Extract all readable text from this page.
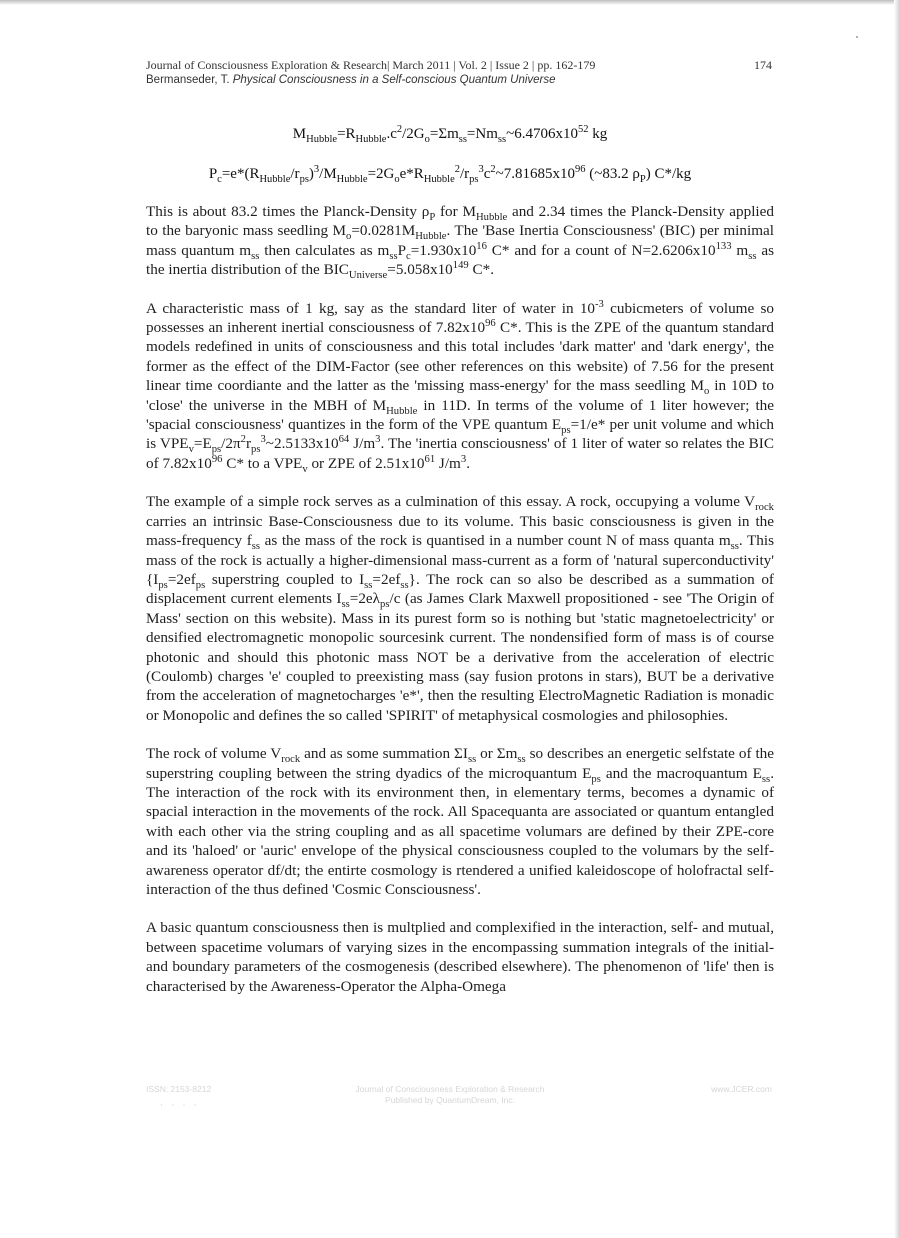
Journal of Consciousness Exploration & Research| March 2011 | Vol. 2 | Issue 2 | pp. 162-179
Bermanseder, T. Physical Consciousness in a Self-conscious Quantum Universe
174
$M_{Hubble}=R_{Hubble}.c^2/2G_o=\Sigma m_{ss}=Nm_{ss}\sim 6.4706x10^{52}$ kg
$P_c=e*(R_{Hubble}/r_{ps})^3/M_{Hubble}=2G_oe*R_{Hubble}^2/r_{ps}^3c^2\sim 7.81685x10^{96}$ (~83.2 $\rho_P$) C*/kg

This is about 83.2 times the Planck-Density $\rho_P$ for $M_{Hubble}$ and 2.34 times the Planck-Density applied to the baryonic mass seedling $M_o=0.0281M_{Hubble}$. The 'Base Inertia Consciousness' (BIC) per minimal mass quantum $m_{ss}$ then calculates as $m_{ss}P_c=1.930x10^{16}$ C* and for a count of $N=2.6206x10^{133}$ $m_{ss}$ as the inertia distribution of the $BIC_{Universe}=5.058x10^{149}$ C*.

A characteristic mass of 1 kg, say as the standard liter of water in $10^{-3}$ cubicmeters of volume so possesses an inherent inertial consciousness of $7.82x10^{96}$ C*. This is the ZPE of the quantum standard models redefined in units of consciousness and this total includes 'dark matter' and 'dark energy', the former as the effect of the DIM-Factor (see other references on this website) of 7.56 for the present linear time coordiante and the latter as the 'missing mass-energy' for the mass seedling $M_o$ in 10D to 'close' the universe in the MBH of $M_{Hubble}$ in 11D. In terms of the volume of 1 liter however; the 'spacial consciousness' quantizes in the form of the VPE quantum $E_{ps}=1/e*$ per unit volume and which is $VPE_v=E_{ps}/2\pi^2r_{ps}^3\sim 2.5133x10^{64}$ $J/m^3$. The 'inertia consciousness' of 1 liter of water so relates the BIC of $7.82x10^{96}$ C* to a $VPE_v$ or ZPE of $2.51x10^{61}$ $J/m^3$.

The example of a simple rock serves as a culmination of this essay. A rock, occupying a volume $V_{rock}$ carries an intrinsic Base-Consciousness due to its volume. This basic consciousness is given in the mass-frequency $f_{ss}$ as the mass of the rock is quantised in a number count N of mass quanta $m_{ss}$. This mass of the rock is actually a higher-dimensional mass-current as a form of 'natural superconductivity' {$I_{ps}=2ef_{ps}$ superstring coupled to $I_{ss}=2ef_{ss}$}. The rock can so also be described as a summation of displacement current elements $I_{ss}=2e\lambda_{ps}/c$ (as James Clark Maxwell propositioned - see 'The Origin of Mass' section on this website). Mass in its purest form so is nothing but 'static magnetoelectricity' or densified electromagnetic monopolic sourcesink current. The nondensified form of mass is of course photonic and should this photonic mass NOT be a derivative from the acceleration of electric (Coulomb) charges 'e' coupled to preexisting mass (say fusion protons in stars), BUT be a derivative from the acceleration of magnetocharges 'e*', then the resulting ElectroMagnetic Radiation is monadic or Monopolic and defines the so called 'SPIRIT' of metaphysical cosmologies and philosophies.

The rock of volume $V_{rock}$ and as some summation $\Sigma I_{ss}$ or $\Sigma m_{ss}$ so describes an energetic selfstate of the superstring coupling between the string dyadics of the microquantum $E_{ps}$ and the macroquantum $E_{ss}$. The interaction of the rock with its environment then, in elementary terms, becomes a dynamic of spacial interaction in the movements of the rock. All Spacequanta are associated or quantum entangled with each other via the string coupling and as all spacetime volumars are defined by their ZPE-core and its 'haloed' or 'auric' envelope of the physical consciousness coupled to the volumars by the self-awareness operator df/dt; the entirte cosmology is rtendered a unified kaleidoscope of holofractal self-interaction of the thus defined 'Cosmic Consciousness'.

A basic quantum consciousness then is multplied and complexified in the interaction, self- and mutual, between spacetime volumars of varying sizes in the encompassing summation integrals of the initial- and boundary parameters of the cosmogenesis (described elsewhere). The phenomenon of 'life' then is characterised by the Awareness-Operator the Alpha-Omega

ISSN: 2153-8212	Journal of Consciousness Exploration & Research
Published by QuantumDream, Inc.
www.JCER.com
· · · ·
